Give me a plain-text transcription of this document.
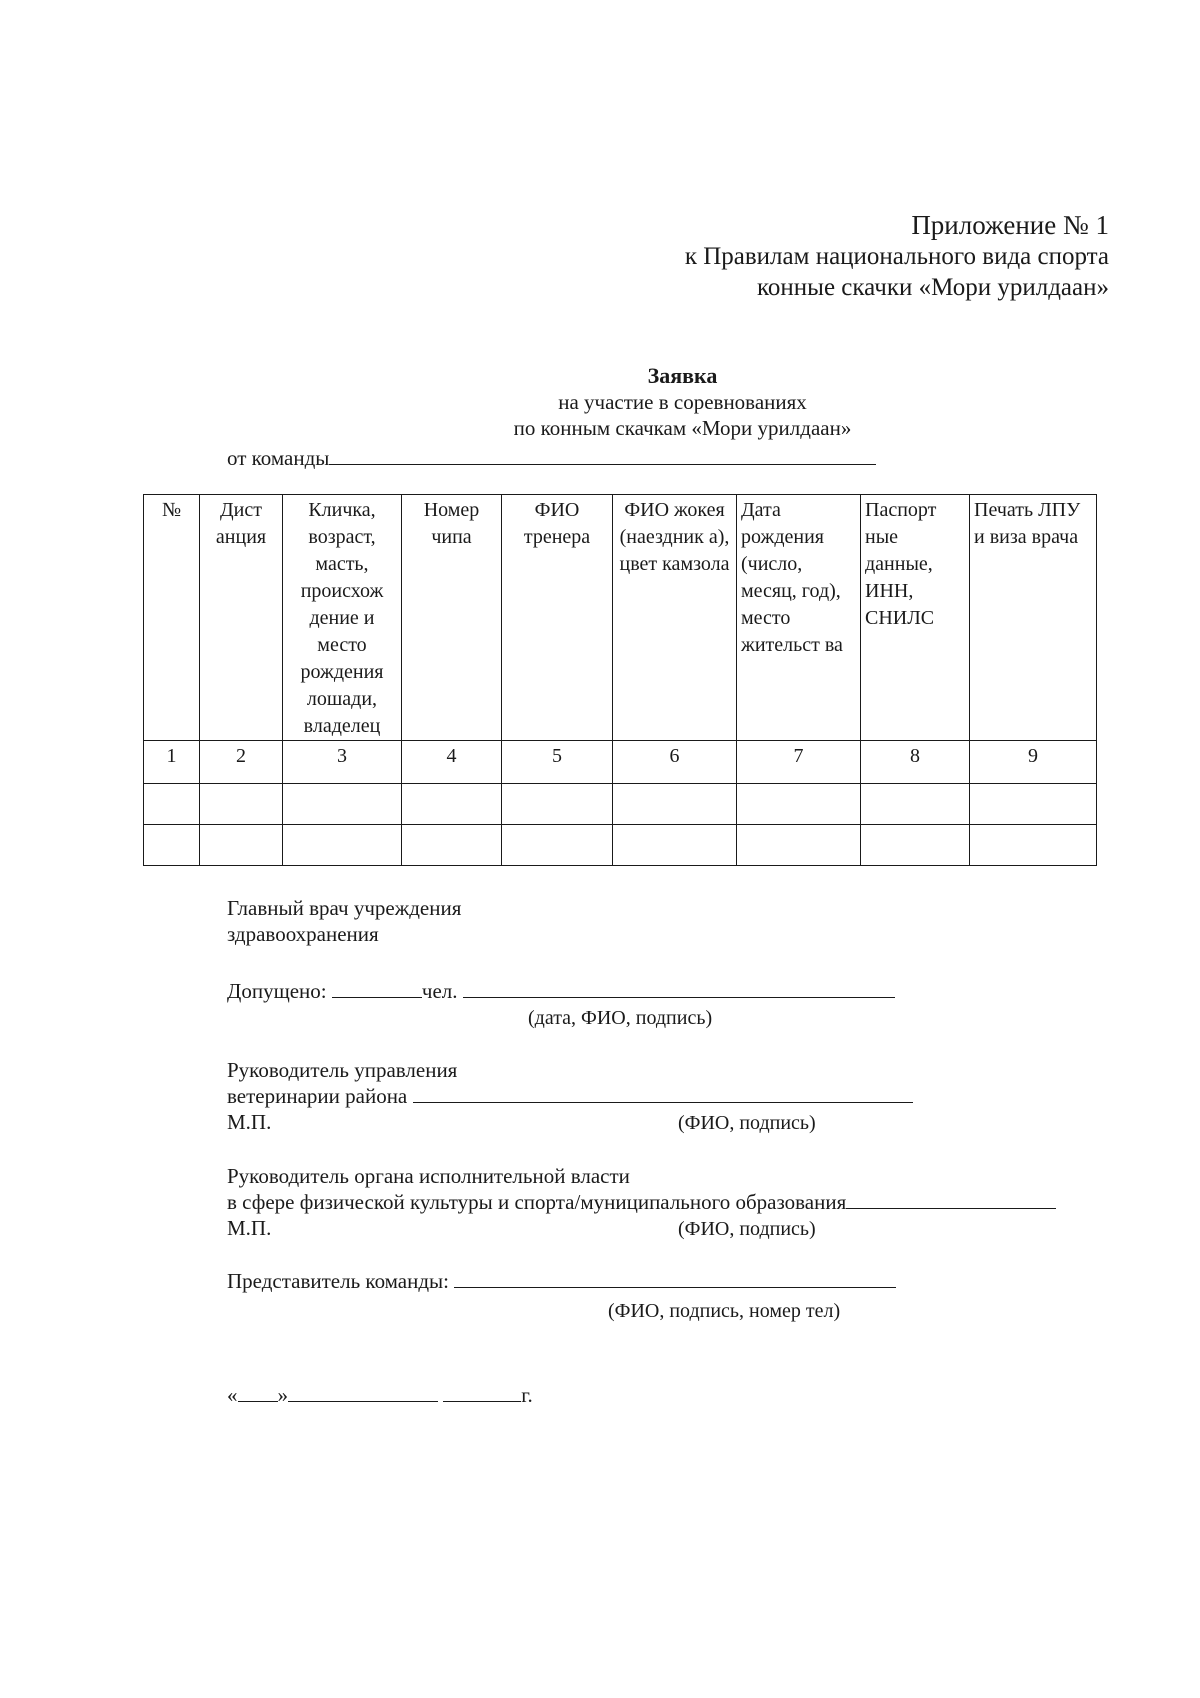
Приложение № 1
к Правилам национального вида спорта
конные скачки «Мори урилдаан»
Заявка
на участие в соревнованиях
по конным скачкам «Мори урилдаан»
от команды
№	Дист анция	Кличка, возраст, масть, происхож дение и место рождения лошади, владелец	Номер чипа	ФИО тренера	ФИО жокея (наездник а), цвет камзола	Дата рождения (число, месяц, год), место жительст ва	Паспорт ные данные, ИНН, СНИЛС	Печать ЛПУ и виза врача
1	2	3	4	5	6	7	8	9

Главный врач учреждения
здравоохранения
Допущено:	чел.
(дата, ФИО, подпись)
Руководитель управления
ветеринарии района
М.П.	(ФИО, подпись)
Руководитель органа исполнительной власти
в сфере физической культуры и спорта/муниципального образования
М.П.	(ФИО, подпись)
Представитель команды:
(ФИО, подпись, номер тел)
« »	г.
